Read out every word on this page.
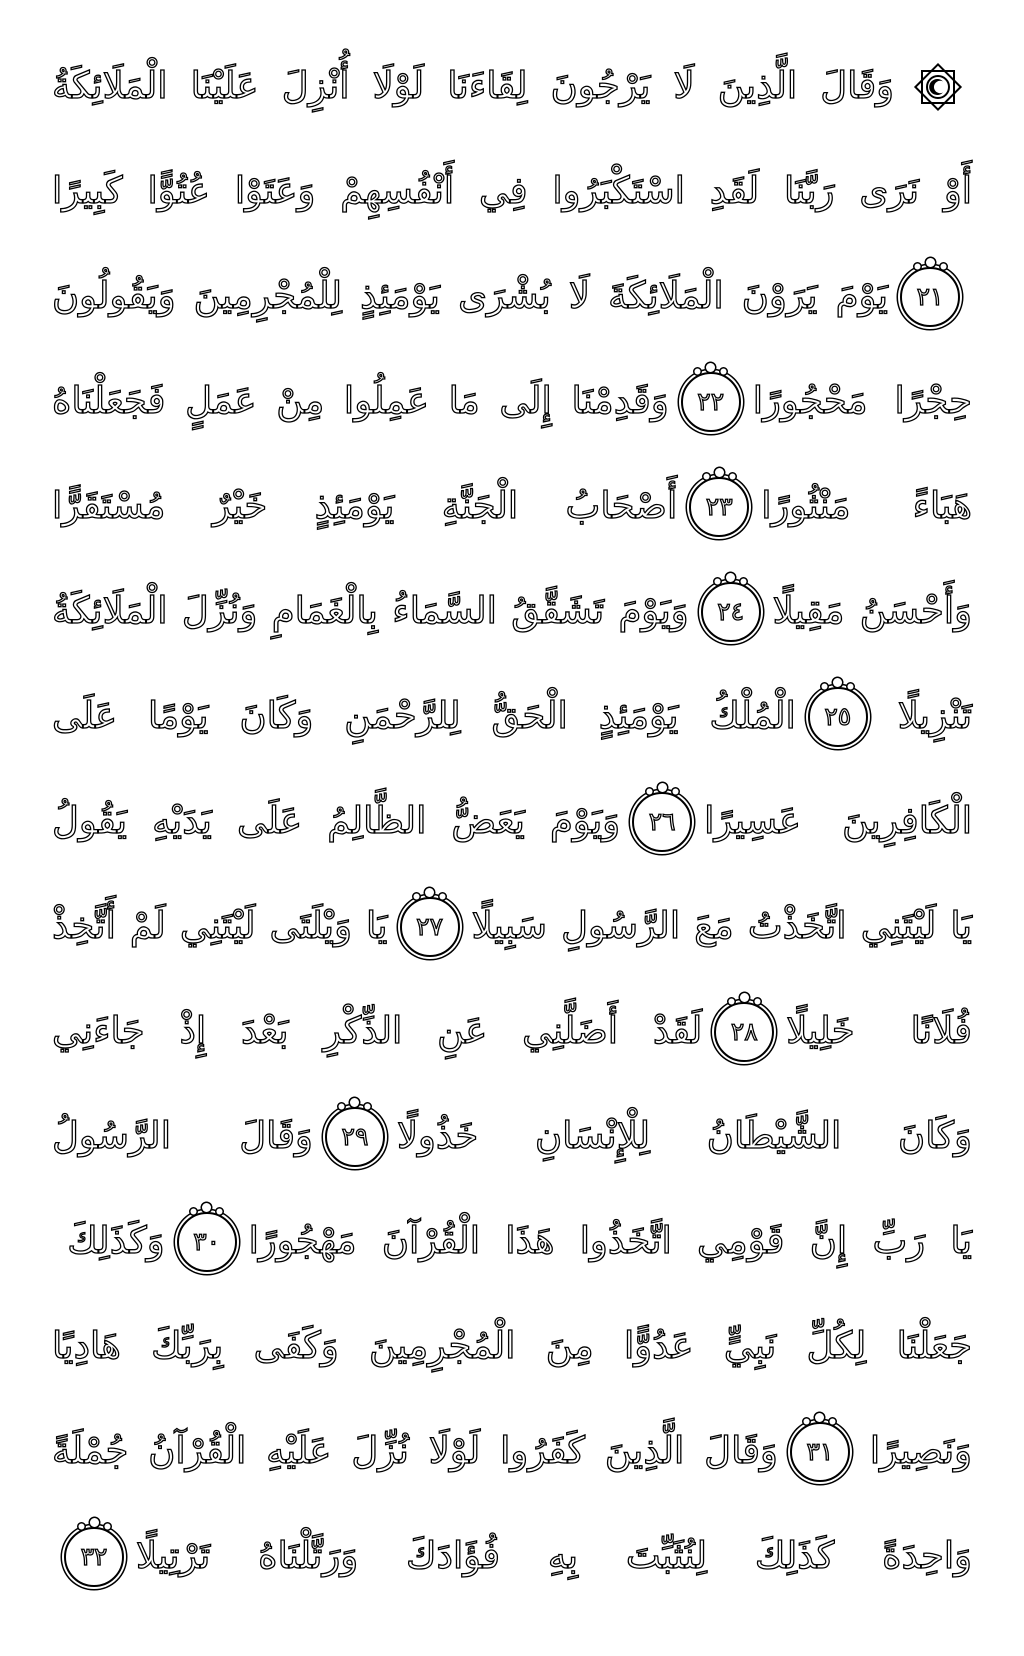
وَقَالَ الَّذِينَ لَا يَرْجُونَ لِقَاءَنَا لَوْلَا أُنْزِلَ عَلَيْنَا الْمَلَائِكَةُ
أَوْ نَرَى رَبَّنَا لَقَدِ اسْتَكْبَرُوا فِي أَنْفُسِهِمْ وَعَتَوْا عُتُوًّا كَبِيرًا
٢١
يَوْمَ يَرَوْنَ الْمَلَائِكَةَ لَا بُشْرَى يَوْمَئِذٍ لِلْمُجْرِمِينَ وَيَقُولُونَ
حِجْرًا مَحْجُورًا
٢٢
وَقَدِمْنَا إِلَى مَا عَمِلُوا مِنْ عَمَلٍ فَجَعَلْنَاهُ
هَبَاءً مَنْثُورًا
٢٣
أَصْحَابُ الْجَنَّةِ يَوْمَئِذٍ خَيْرٌ مُسْتَقَرًّا
وَأَحْسَنُ مَقِيلًا
٢٤
وَيَوْمَ تَشَقَّقُ السَّمَاءُ بِالْغَمَامِ وَنُزِّلَ الْمَلَائِكَةُ
تَنْزِيلًا
٢٥
الْمُلْكُ يَوْمَئِذٍ الْحَقُّ لِلرَّحْمَنِ وَكَانَ يَوْمًا عَلَى
الْكَافِرِينَ عَسِيرًا
٢٦
وَيَوْمَ يَعَضُّ الظَّالِمُ عَلَى يَدَيْهِ يَقُولُ
يَا لَيْتَنِي اتَّخَذْتُ مَعَ الرَّسُولِ سَبِيلًا
٢٧
يَا وَيْلَتَى لَيْتَنِي لَمْ أَتَّخِذْ
فُلَانًا خَلِيلًا
٢٨
لَقَدْ أَضَلَّنِي عَنِ الذِّكْرِ بَعْدَ إِذْ جَاءَنِي
وَكَانَ الشَّيْطَانُ لِلْإِنْسَانِ خَذُولًا
٢٩
وَقَالَ الرَّسُولُ
يَا رَبِّ إِنَّ قَوْمِي اتَّخَذُوا هَذَا الْقُرْآنَ مَهْجُورًا
٣٠
وَكَذَلِكَ
جَعَلْنَا لِكُلِّ نَبِيٍّ عَدُوًّا مِنَ الْمُجْرِمِينَ وَكَفَى بِرَبِّكَ هَادِيًا
وَنَصِيرًا
٣١
وَقَالَ الَّذِينَ كَفَرُوا لَوْلَا نُزِّلَ عَلَيْهِ الْقُرْآنُ جُمْلَةً
وَاحِدَةً كَذَلِكَ لِنُثَبِّتَ بِهِ فُؤَادَكَ وَرَتَّلْنَاهُ تَرْتِيلًا
٣٢
